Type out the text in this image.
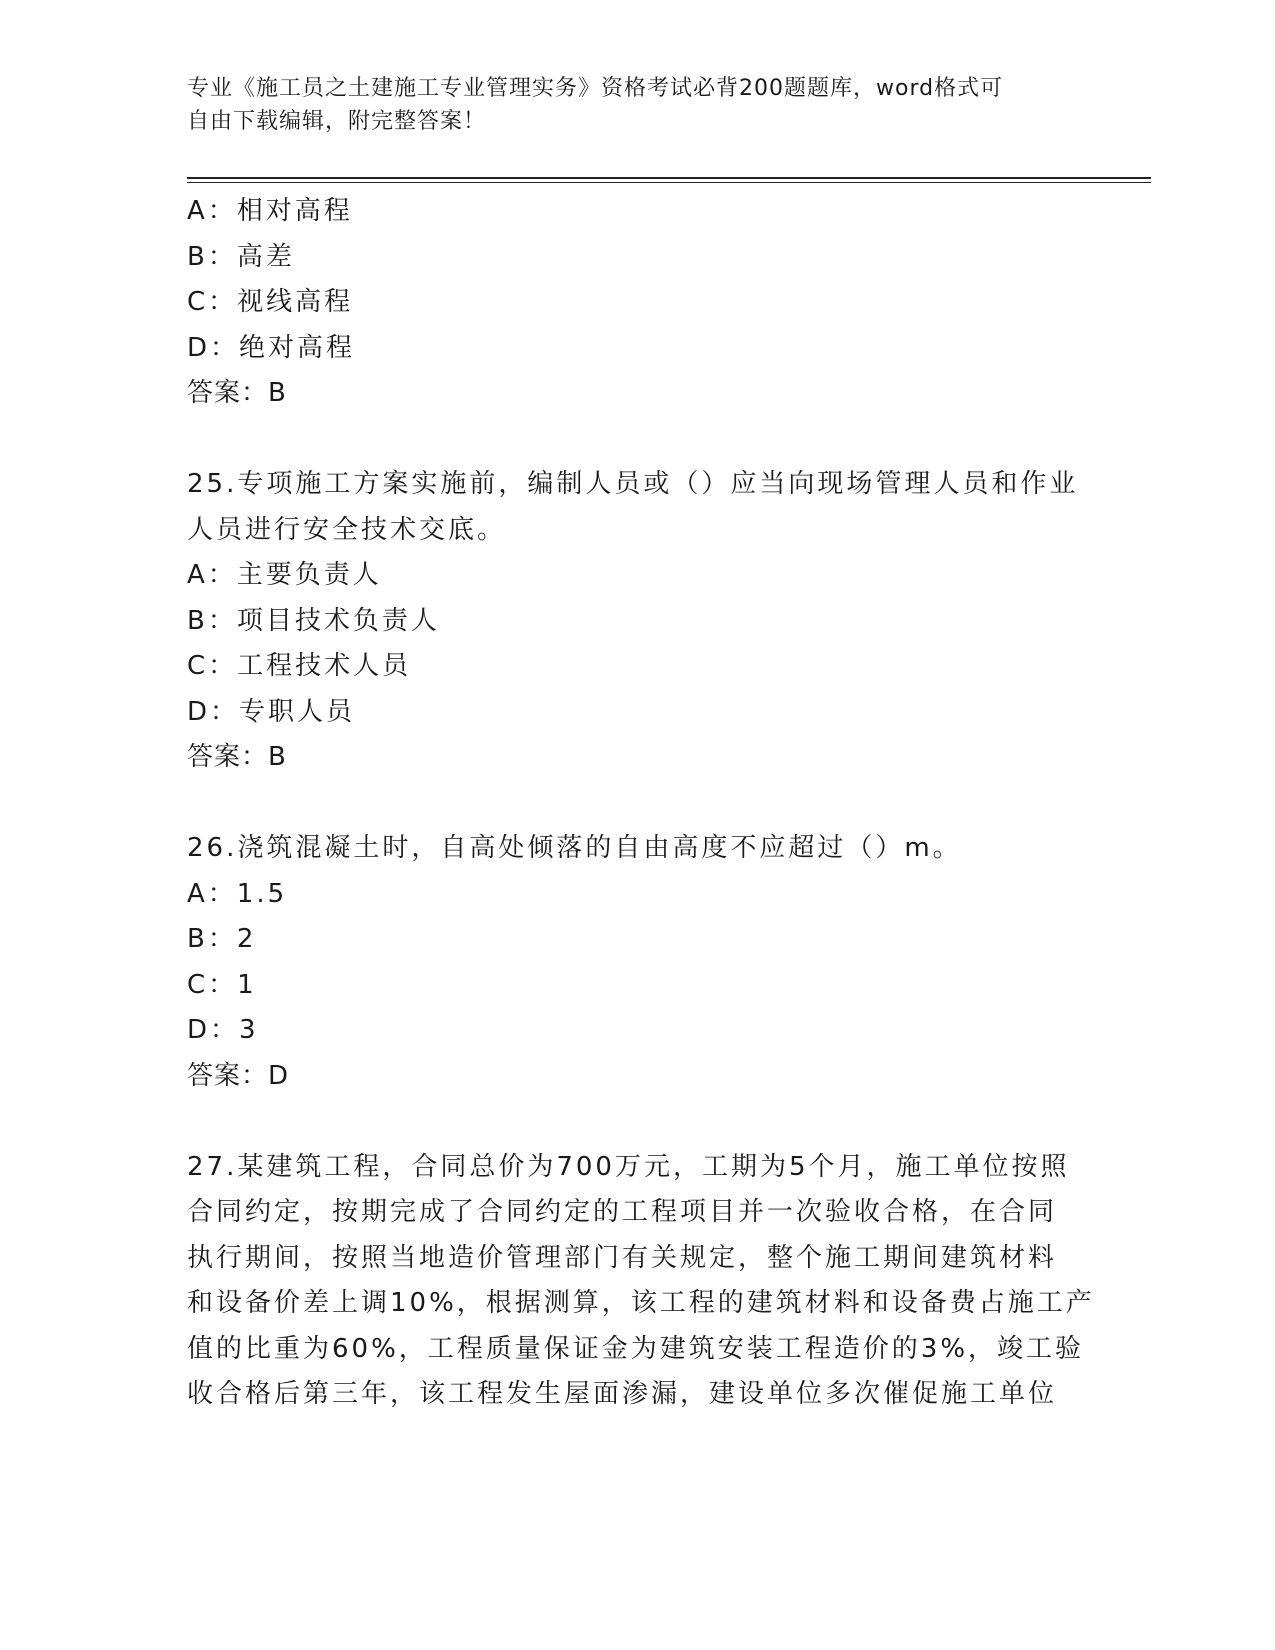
专业《施工员之土建施工专业管理实务》资格考试必背200题题库，word格式可
自由下载编辑，附完整答案！
A：相对高程
B：高差
C：视线高程
D：绝对高程
答案：B
25.专项施工方案实施前，编制人员或（）应当向现场管理人员和作业
人员进行安全技术交底。
A：主要负责人
B：项目技术负责人
C：工程技术人员
D：专职人员
答案：B
26.浇筑混凝土时，自高处倾落的自由高度不应超过（）m。
A：1.5
B：2
C：1
D：3
答案：D
27.某建筑工程，合同总价为700万元，工期为5个月，施工单位按照
合同约定，按期完成了合同约定的工程项目并一次验收合格，在合同
执行期间，按照当地造价管理部门有关规定，整个施工期间建筑材料
和设备价差上调10%，根据测算，该工程的建筑材料和设备费占施工产
值的比重为60%，工程质量保证金为建筑安装工程造价的3%，竣工验
收合格后第三年，该工程发生屋面渗漏，建设单位多次催促施工单位
